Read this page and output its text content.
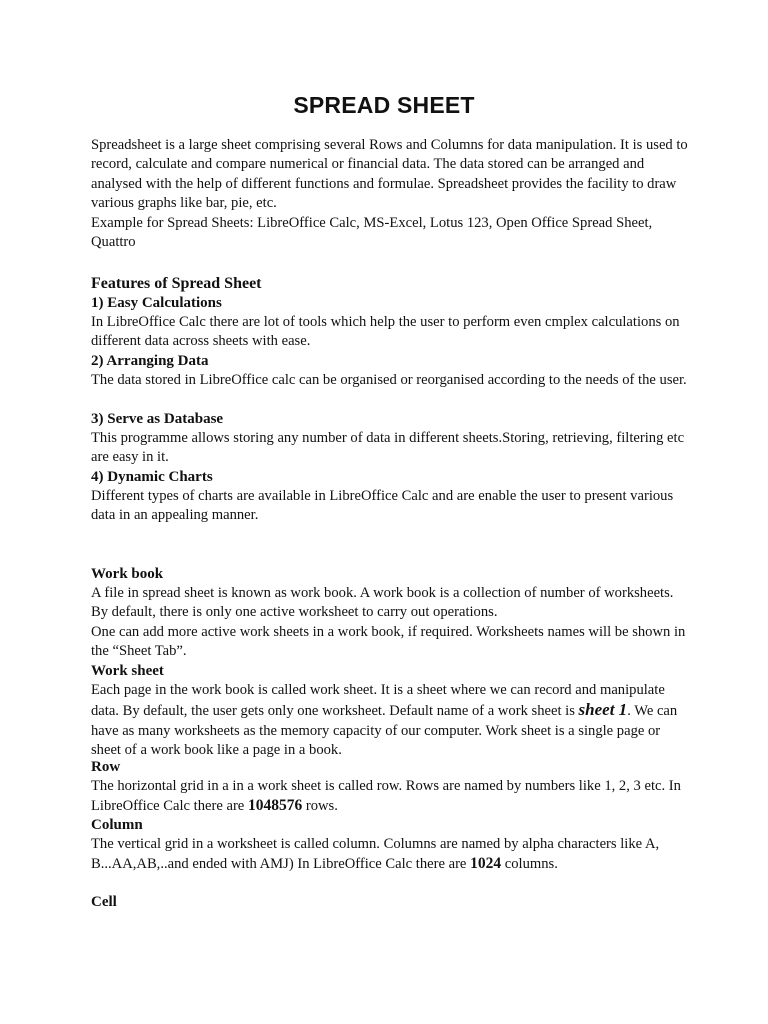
SPREAD SHEET

Spreadsheet is a large sheet comprising several Rows and Columns for data manipulation. It is used to record, calculate and compare numerical or financial data. The data stored can be arranged and analysed with the help of different functions and formulae. Spreadsheet provides the facility to draw various graphs like bar, pie, etc.
Example for Spread Sheets: LibreOffice Calc, MS-Excel, Lotus 123, Open Office Spread Sheet, Quattro

Features of Spread Sheet
1) Easy Calculations

In LibreOffice Calc there are lot of tools which help the user to perform even cmplex calculations on different data across sheets with ease.

2) Arranging Data

The data stored in LibreOffice calc can be organised or reorganised according to the needs of the user.

3) Serve as Database

This programme allows storing any number of data in different sheets.Storing, retrieving, filtering etc are easy in it.

4) Dynamic Charts

Different types of charts are available in LibreOffice Calc and are enable the user to present various data in an appealing manner.

Work book

A file in spread sheet is known as work book. A work book is a collection of number of worksheets. By default, there is only one active worksheet to carry out operations.
One can add more active work sheets in a work book, if required. Worksheets names will be shown in the “Sheet Tab”.

Work sheet

Each page in the work book is called work sheet. It is a sheet where we can record and manipulate data. By default, the user gets only one worksheet. Default name of a work sheet is sheet 1. We can have as many worksheets as the memory capacity of our computer. Work sheet is a single page or sheet of a work book like a page in a book.

Row

The horizontal grid in a in a work sheet is called row. Rows are named by numbers like 1, 2, 3 etc. In LibreOffice Calc there are 1048576 rows.

Column

The vertical grid in a worksheet is called column. Columns are named by alpha characters like A, B...AA,AB,..and ended with AMJ) In LibreOffice Calc there are 1024 columns.

Cell
